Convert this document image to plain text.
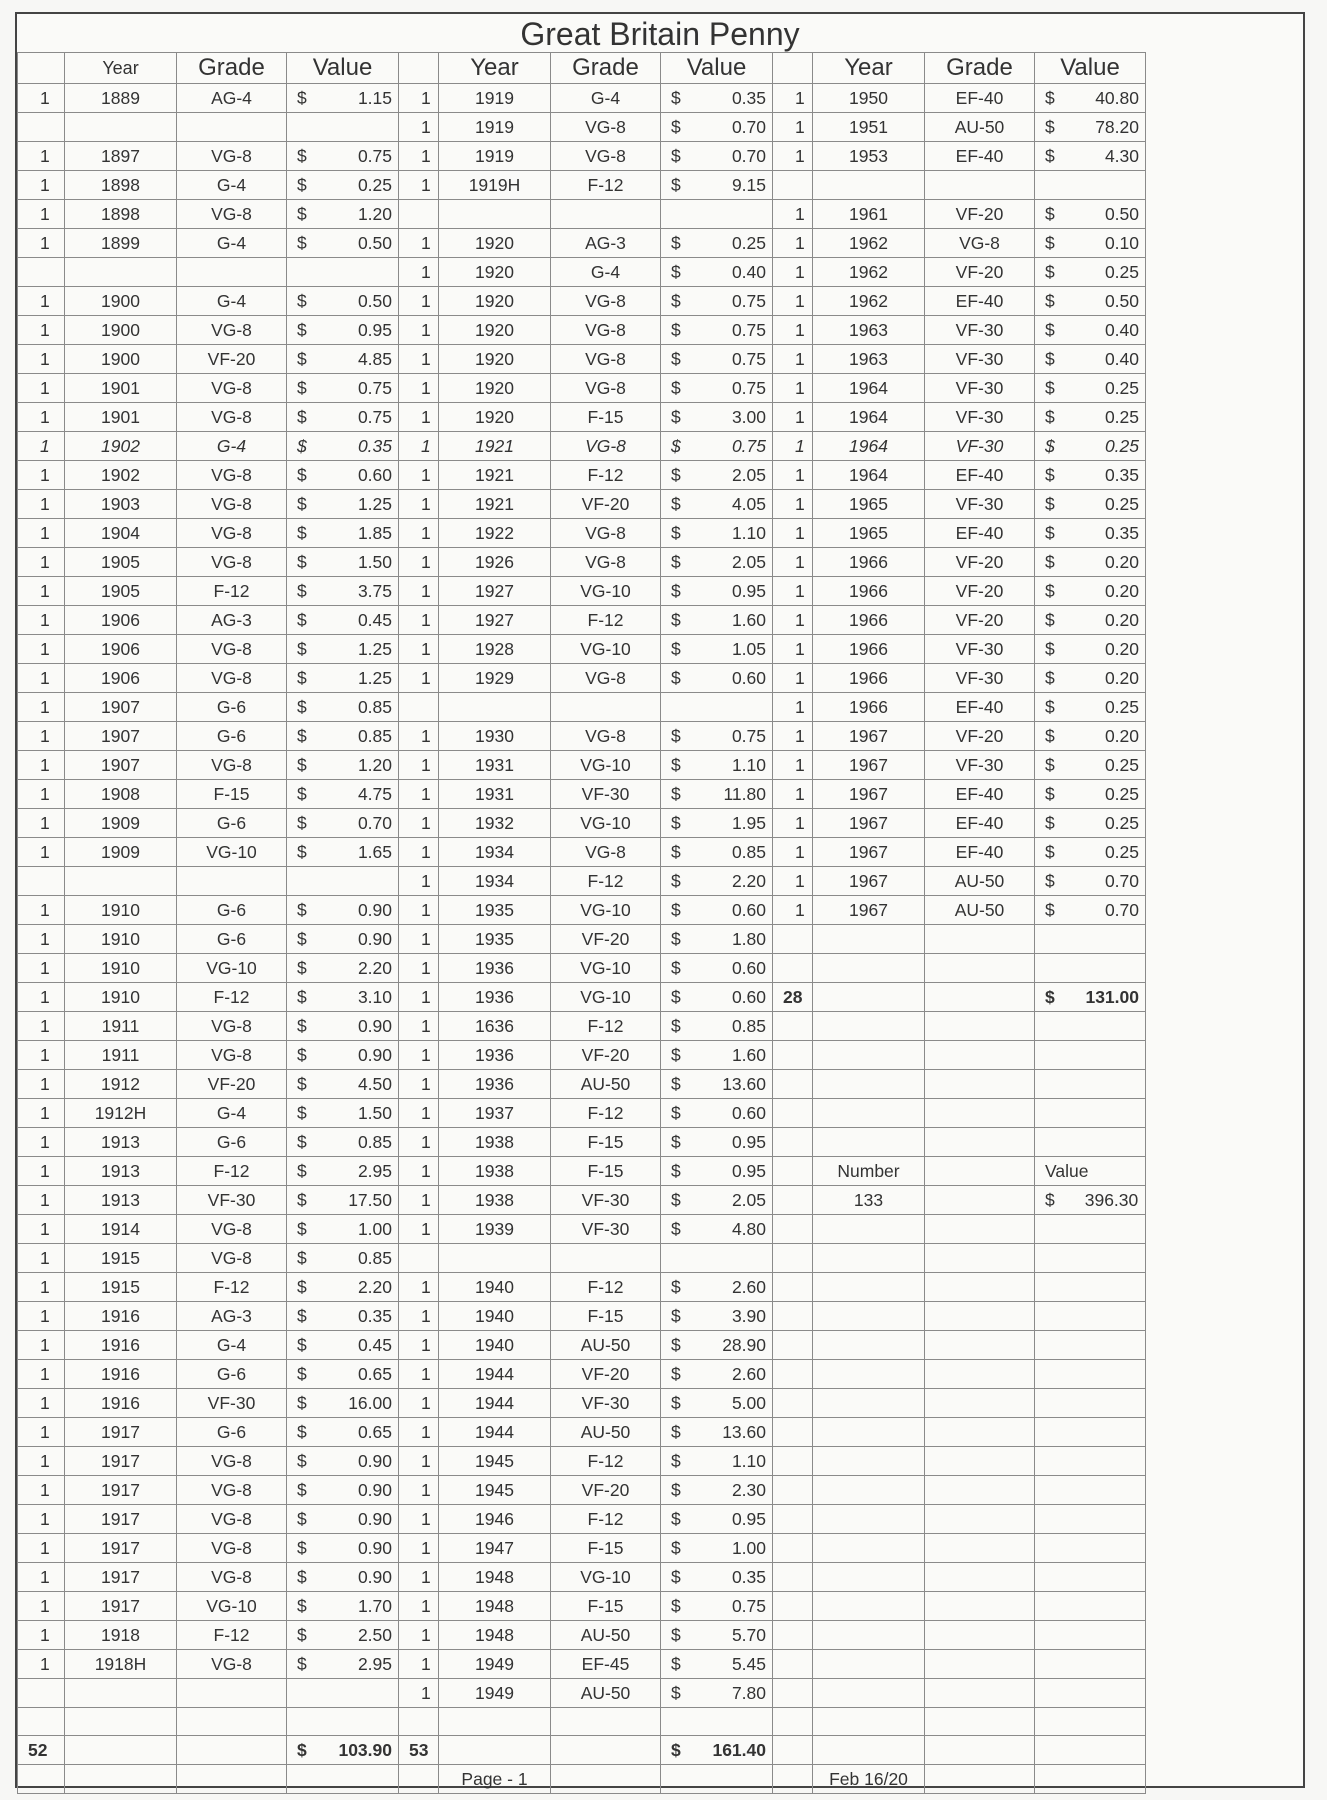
Great Britain Penny
	Year	Grade	Value		Year	Grade	Value		Year	Grade	Value
1	1889	AG-4	$ 1.15	1	1919	G-4	$ 0.35	1	1950	EF-40	$ 40.80

				1	1919	VG-8	$ 0.70	1	1951	AU-50	$ 78.20

1	1897	VG-8	$ 0.75	1	1919	VG-8	$ 0.70	1	1953	EF-40	$ 4.30

1	1898	G-4	$ 0.25	1	1919H	F-12	$ 9.15				

1	1898	VG-8	$ 1.20					1	1961	VF-20	$ 0.50

1	1899	G-4	$ 0.50	1	1920	AG-3	$ 0.25	1	1962	VG-8	$ 0.10

				1	1920	G-4	$ 0.40	1	1962	VF-20	$ 0.25

1	1900	G-4	$ 0.50	1	1920	VG-8	$ 0.75	1	1962	EF-40	$ 0.50

1	1900	VG-8	$ 0.95	1	1920	VG-8	$ 0.75	1	1963	VF-30	$ 0.40

1	1900	VF-20	$ 4.85	1	1920	VG-8	$ 0.75	1	1963	VF-30	$ 0.40

1	1901	VG-8	$ 0.75	1	1920	VG-8	$ 0.75	1	1964	VF-30	$ 0.25

1	1901	VG-8	$ 0.75	1	1920	F-15	$ 3.00	1	1964	VF-30	$ 0.25

1	1902	G-4	$ 0.35	1	1921	VG-8	$ 0.75	1	1964	VF-30	$ 0.25

1	1902	VG-8	$ 0.60	1	1921	F-12	$ 2.05	1	1964	EF-40	$ 0.35

1	1903	VG-8	$ 1.25	1	1921	VF-20	$ 4.05	1	1965	VF-30	$ 0.25

1	1904	VG-8	$ 1.85	1	1922	VG-8	$ 1.10	1	1965	EF-40	$ 0.35

1	1905	VG-8	$ 1.50	1	1926	VG-8	$ 2.05	1	1966	VF-20	$ 0.20

1	1905	F-12	$ 3.75	1	1927	VG-10	$ 0.95	1	1966	VF-20	$ 0.20

1	1906	AG-3	$ 0.45	1	1927	F-12	$ 1.60	1	1966	VF-20	$ 0.20

1	1906	VG-8	$ 1.25	1	1928	VG-10	$ 1.05	1	1966	VF-30	$ 0.20

1	1906	VG-8	$ 1.25	1	1929	VG-8	$ 0.60	1	1966	VF-30	$ 0.20

1	1907	G-6	$ 0.85					1	1966	EF-40	$ 0.25

1	1907	G-6	$ 0.85	1	1930	VG-8	$ 0.75	1	1967	VF-20	$ 0.20

1	1907	VG-8	$ 1.20	1	1931	VG-10	$ 1.10	1	1967	VF-30	$ 0.25

1	1908	F-15	$ 4.75	1	1931	VF-30	$ 11.80	1	1967	EF-40	$ 0.25

1	1909	G-6	$ 0.70	1	1932	VG-10	$ 1.95	1	1967	EF-40	$ 0.25

1	1909	VG-10	$ 1.65	1	1934	VG-8	$ 0.85	1	1967	EF-40	$ 0.25

				1	1934	F-12	$ 2.20	1	1967	AU-50	$ 0.70

1	1910	G-6	$ 0.90	1	1935	VG-10	$ 0.60	1	1967	AU-50	$ 0.70

1	1910	G-6	$ 0.90	1	1935	VF-20	$ 1.80				

1	1910	VG-10	$ 2.20	1	1936	VG-10	$ 0.60				

1	1910	F-12	$ 3.10	1	1936	VG-10	$ 0.60	28			$ 131.00

1	1911	VG-8	$ 0.90	1	1636	F-12	$ 0.85				

1	1911	VG-8	$ 0.90	1	1936	VF-20	$ 1.60				

1	1912	VF-20	$ 4.50	1	1936	AU-50	$ 13.60				

1	1912H	G-4	$ 1.50	1	1937	F-12	$ 0.60				

1	1913	G-6	$ 0.85	1	1938	F-15	$ 0.95				

1	1913	F-12	$ 2.95	1	1938	F-15	$ 0.95		Number		Value
1	1913	VF-30	$ 17.50	1	1938	VF-30	$ 2.05		133		$ 396.30
1	1914	VG-8	$ 1.00	1	1939	VF-30	$ 4.80				

1	1915	VG-8	$ 0.85								

1	1915	F-12	$ 2.20	1	1940	F-12	$ 2.60				

1	1916	AG-3	$ 0.35	1	1940	F-15	$ 3.90				

1	1916	G-4	$ 0.45	1	1940	AU-50	$ 28.90				

1	1916	G-6	$ 0.65	1	1944	VF-20	$ 2.60				

1	1916	VF-30	$ 16.00	1	1944	VF-30	$ 5.00				

1	1917	G-6	$ 0.65	1	1944	AU-50	$ 13.60				

1	1917	VG-8	$ 0.90	1	1945	F-12	$ 1.10				

1	1917	VG-8	$ 0.90	1	1945	VF-20	$ 2.30				

1	1917	VG-8	$ 0.90	1	1946	F-12	$ 0.95				

1	1917	VG-8	$ 0.90	1	1947	F-15	$ 1.00				

1	1917	VG-8	$ 0.90	1	1948	VG-10	$ 0.35				

1	1917	VG-10	$ 1.70	1	1948	F-15	$ 0.75				

1	1918	F-12	$ 2.50	1	1948	AU-50	$ 5.70				

1	1918H	VG-8	$ 2.95	1	1949	EF-45	$ 5.45				

				1	1949	AU-50	$ 7.80				

52			$ 103.90	53			$ 161.40				

					Page - 1				Feb 16/20		
